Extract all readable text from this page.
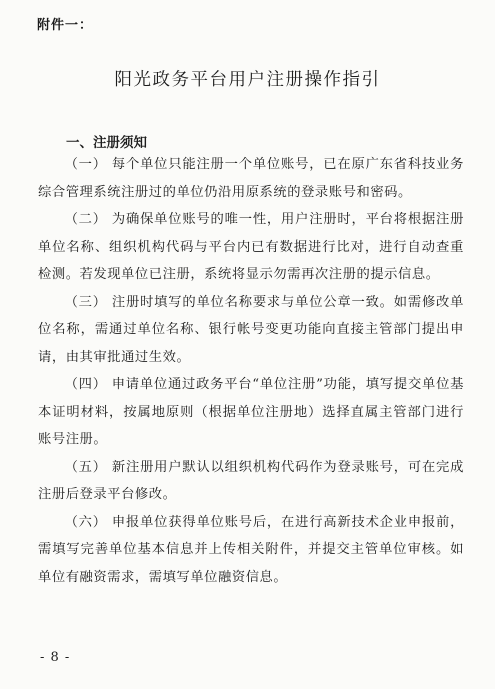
附件一：
阳光政务平台用户注册操作指引
一、注册须知

（一） 每个单位只能注册一个单位账号，已在原广东省科技业务综合管理系统注册过的单位仍沿用原系统的登录账号和密码。

（二） 为确保单位账号的唯一性，用户注册时，平台将根据注册单位名称、组织机构代码与平台内已有数据进行比对，进行自动查重检测。若发现单位已注册，系统将显示勿需再次注册的提示信息。

（三） 注册时填写的单位名称要求与单位公章一致。如需修改单位名称，需通过单位名称、银行帐号变更功能向直接主管部门提出申请，由其审批通过生效。

（四） 申请单位通过政务平台“单位注册”功能，填写提交单位基本证明材料，按属地原则（根据单位注册地）选择直属主管部门进行账号注册。

（五） 新注册用户默认以组织机构代码作为登录账号，可在完成注册后登录平台修改。

（六） 申报单位获得单位账号后，在进行高新技术企业申报前，需填写完善单位基本信息并上传相关附件，并提交主管单位审核。如单位有融资需求，需填写单位融资信息。

- 8 -
